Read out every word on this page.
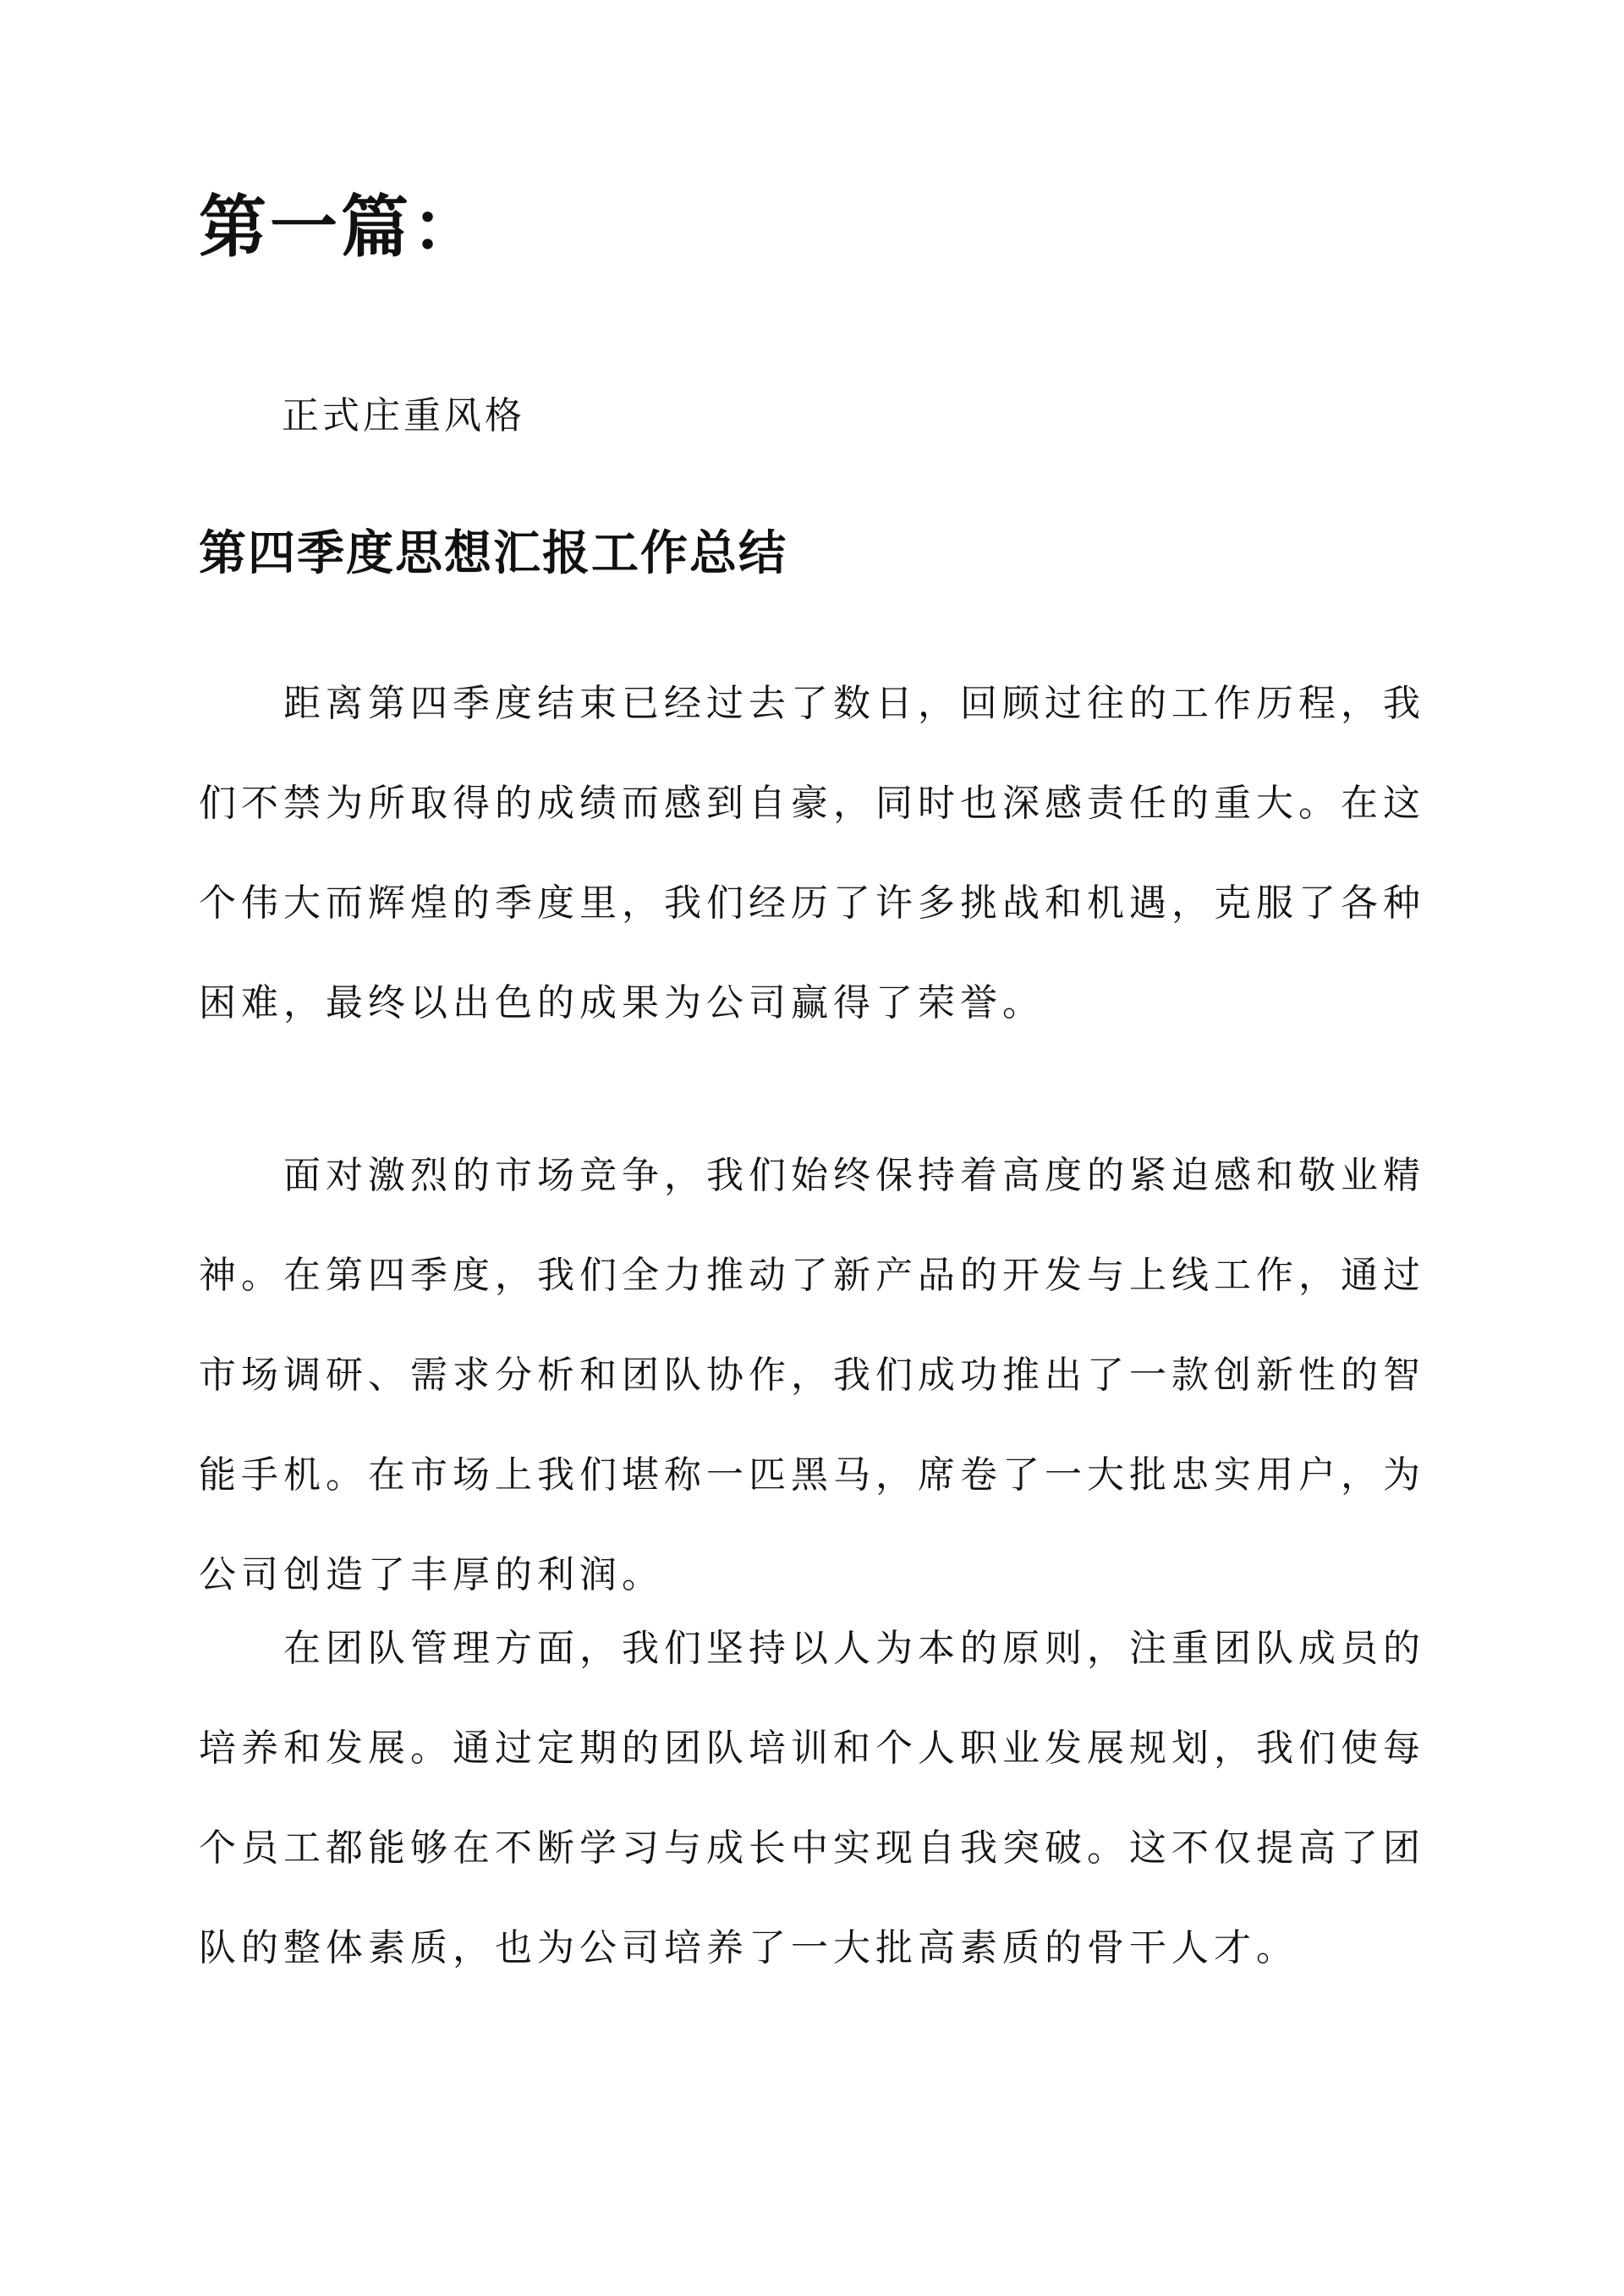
第一篇：
正式庄重风格
第四季度思想汇报工作总结

距离第四季度结束已经过去了数日，回顾过往的工作历程，我们不禁为所取得的成绩而感到自豪，同时也深感责任的重大。在这个伟大而辉煌的季度里，我们经历了许多挑战和机遇，克服了各种困难，最终以出色的成果为公司赢得了荣誉。

面对激烈的市场竞争，我们始终保持着高度的紧迫感和敬业精神。在第四季度，我们全力推动了新产品的开发与上线工作，通过市场调研、需求分析和团队协作，我们成功推出了一款创新性的智能手机。在市场上我们堪称一匹黑马，席卷了一大批忠实用户，为公司创造了丰厚的利润。

在团队管理方面，我们坚持以人为本的原则，注重团队成员的培养和发展。通过定期的团队培训和个人职业发展规划，我们使每个员工都能够在不断学习与成长中实现自我突破。这不仅提高了团队的整体素质，也为公司培养了一大批高素质的骨干人才。
